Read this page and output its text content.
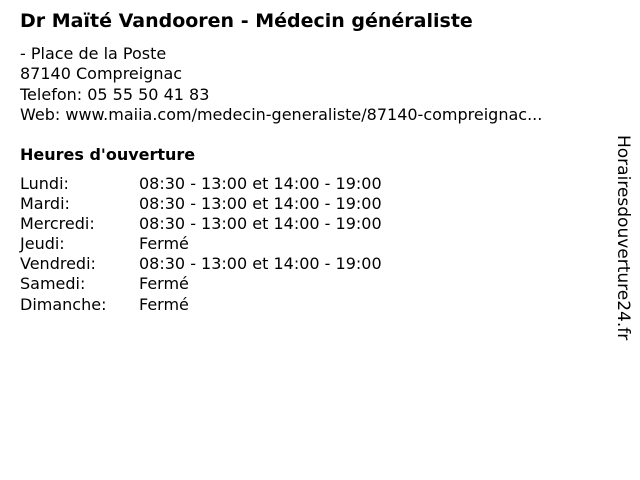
Dr Maïté Vandooren - Médecin généraliste
- Place de la Poste
87140 Compreignac
Telefon: 05 55 50 41 83
Web: www.maiia.com/medecin-generaliste/87140-compreignac...
Heures d'ouverture
Lundi:	08:30 - 13:00 et 14:00 - 19:00
Mardi:	08:30 - 13:00 et 14:00 - 19:00
Mercredi:	08:30 - 13:00 et 14:00 - 19:00
Jeudi:	Fermé
Vendredi:	08:30 - 13:00 et 14:00 - 19:00
Samedi:	Fermé
Dimanche: Fermé	Horairesdouverture24.fr
